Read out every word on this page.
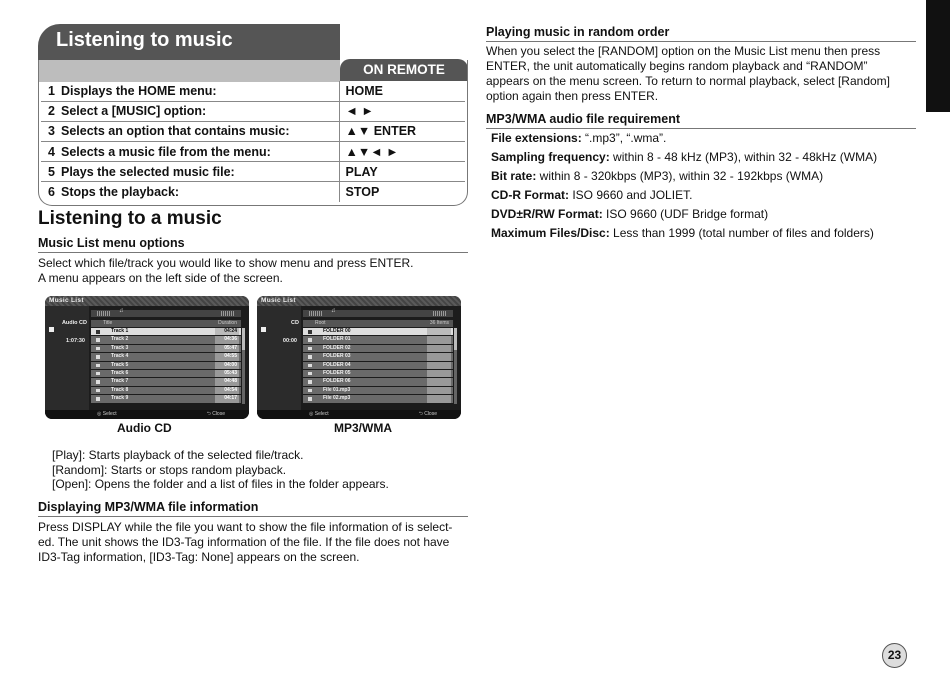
Listening to music
ON REMOTE
1	Displays the HOME menu:	HOME
2	Select a [MUSIC] option:	◄ ►
3	Selects an option that contains music:	▲▼ ENTER
4	Selects a music file from the menu:	▲▼◄ ►
5	Plays the selected music file:	PLAY
6	Stops the playback:	STOP
Listening to a music
Music List menu options
Select which file/track you would like to show menu and press ENTER.
A menu appears on the left side of the screen.
Music List
Audio CD
1:07:30
♫
Title	Duration
Track 1	04:24
Track 2	04:36
Track 3	05:47
Track 4	04:55
Track 5	04:00
Track 6	05:43
Track 7	04:48
Track 8	04:54
Track 9	04:17
◎ Select	⮌ Close
Music List
CD
00:00
♫
Root	36 Items
FOLDER 00
FOLDER 01
FOLDER 02
FOLDER 03
FOLDER 04
FOLDER 05
FOLDER 06
File 01.mp3
File 02.mp3
◎ Select	⮌ Close
Audio CD	MP3/WMA
[Play]: Starts playback of the selected file/track.
[Random]: Starts or stops random playback.
[Open]: Opens the folder and a list of files in the folder appears.
Displaying MP3/WMA file information
Press DISPLAY while the file you want to show the file information of is select-
ed. The unit shows the ID3-Tag information of the file. If the file does not have
ID3-Tag information, [ID3-Tag: None] appears on the screen.
Playing music in random order
When you select the [RANDOM] option on the Music List menu then press
ENTER, the unit automatically begins random playback and “RANDOM”
appears on the menu screen. To return to normal playback, select [Random]
option again then press ENTER.
MP3/WMA audio file requirement
File extensions: “.mp3”, “.wma”.
Sampling frequency: within 8 - 48 kHz (MP3), within 32 - 48kHz (WMA)
Bit rate: within 8 - 320kbps (MP3), within 32 - 192kbps (WMA)
CD-R Format: ISO 9660 and JOLIET.
DVD±R/RW Format: ISO 9660 (UDF Bridge format)
Maximum Files/Disc: Less than 1999 (total number of files and folders)
23
